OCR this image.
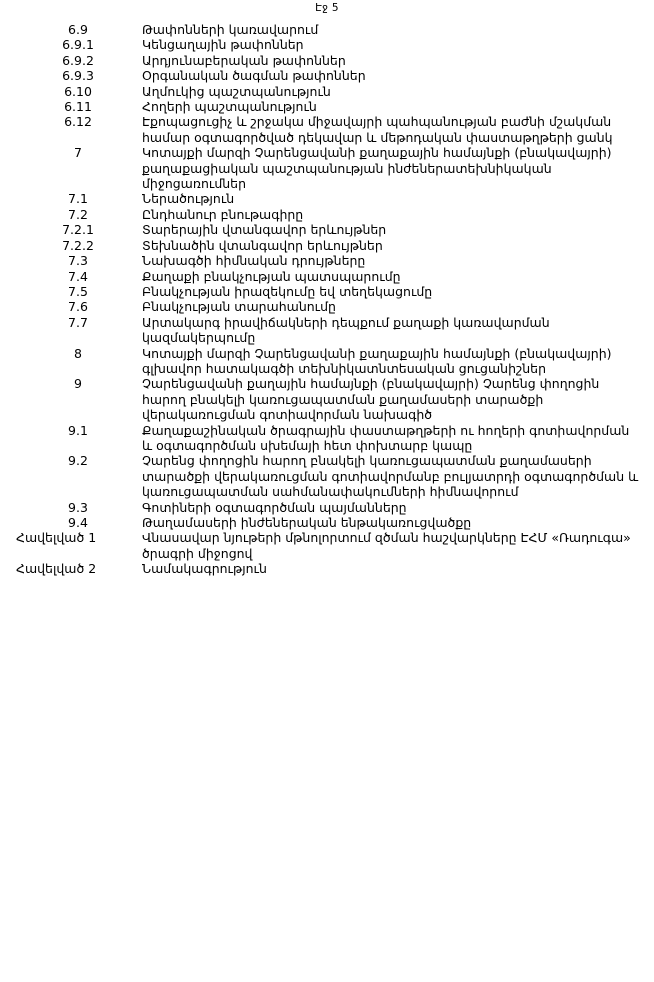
Էջ 5
6.9	Թափոնների կառավարում
6.9.1	Կենցաղային թափոններ
6.9.2	Արդյունաբերական թափոններ
6.9.3	Օրգանական ծագման թափոններ
6.10	Աղմուկից պաշտպանություն
6.11	Հողերի պաշտպանություն
6.12	Էքոպացուցիչ և շրջակա միջավայրի պահպանության բաժնի մշակման համար օգտագործված դեկավար և մեթոդական փաստաթղթերի ցանկ
7	Կոտայքի մարզի Չարենցավանի քաղաքային համայնքի (բնակավայրի) քաղաքացիական պաշտպանության ինժեներատեխնիկական միջոցառումներ
7.1	Ներածություն
7.2	Ընդհանուր բնութագիրը
7.2.1	Տարերային վտանգավոր երևույթներ
7.2.2	Տեխնածին վտանգավոր երևույթներ
7.3	Նախագծի հիմնական դրույթները
7.4	Քաղաքի բնակչության պատսպարումը
7.5	Բնակչության իրազեկումը եվ տեղեկացումը
7.6	Բնակչության տարահանումը
7.7	Արտակարգ իրավիճակների դեպքում քաղաքի կառավարման կազմակերպումը
8	Կոտայքի մարզի Չարենցավանի քաղաքային համայնքի (բնակավայրի) գլխավոր հատակագծի տեխնիկատնտեսական ցուցանիշներ
9	Չարենցավանի քաղային համայնքի (բնակավայրի) Չարենց փողոցին հարող բնակելի կառուցապատման քաղամասերի տարածքի վերակառուցման գոտիավորման նախագիծ
9.1	Քաղաքաշինական ծրագրային փաստաթղթերի ու հողերի գոտիավորման և օգտագործման սխեմայի հետ փոխտարբ կապը
9.2	Չարենց փողոցին հարող բնակելի կառուցապատման քաղամասերի տարածքի վերակառուցման գոտիավորմանբ բուլյատրդի օգտագործման և կառուցապատման սահմանափակումների հիմնավորում
9.3	Գոտիների օգտագործման պայմանները
9.4	Թաղամասերի ինժեներական ենթակառուցվածքը
Հավելված 1	Վնասավար նյութերի մթնոլորտում զծման հաշվարկները ԷՀՄ «Ռադուգա» ծրագրի միջոցով
Հավելված 2	Նամակագրություն
